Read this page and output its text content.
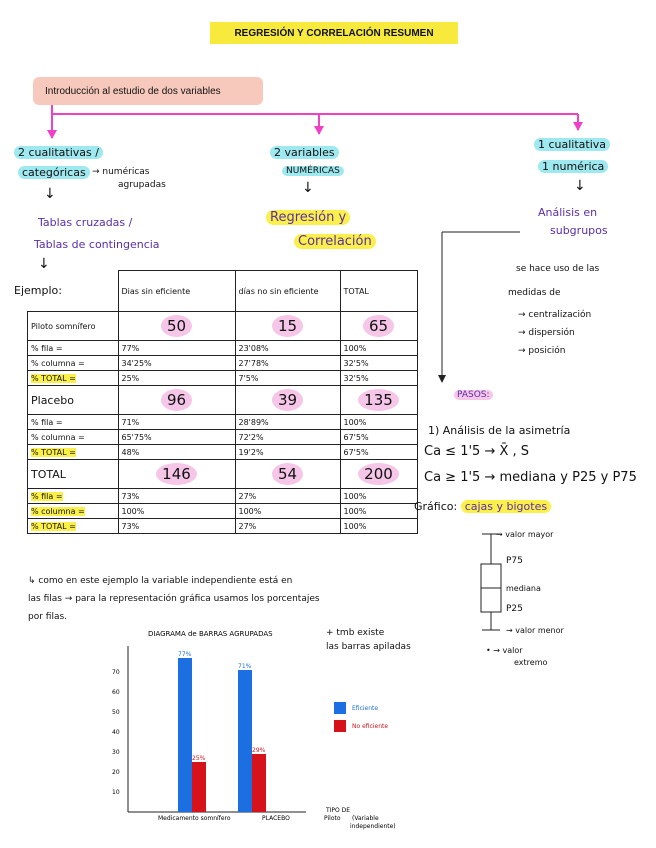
REGRESIÓN Y CORRELACIÓN RESUMEN
Introducción al estudio de dos variables
2 cualitativas /
categóricas → numéricas
agrupadas
↓
Tablas cruzadas /
Tablas de contingencia
↓
Ejemplo:
		Dias sin eficiente	días no sin eficiente	TOTAL
Piloto somnífero	50	15	65
% fila =	77%	23'08%	100%
% columna =	34'25%	27'78%	32'5%
% TOTAL =	25%	7'5%	32'5%
Placebo	96	39	135
% fila =	71%	28'89%	100%
% columna =	65'75%	72'2%	67'5%
% TOTAL =	48%	19'2%	67'5%
TOTAL	146	54	200
% fila =	73%	27%	100%
% columna =	100%	100%	100%
% TOTAL =	73%	27%	100%
↳ como en este ejemplo la variable independiente está en
las filas → para la representación gráfica usamos los porcentajes
por filas.
+ tmb existe
las barras apiladas
DIAGRAMA de BARRAS AGRUPADAS
70
60
50
40
30
20
10
77%
25%
71%
29%
Medicamento somnífero	PLACEBO
TIPO DE
Piloto (Variable
independiente)
Eficiente
No eficiente
2 variables
NUMÉRICAS
↓
Regresión y
Correlación
1 cualitativa
1 numérica
↓
Análisis en
subgrupos
se hace uso de las
medidas de
→ centralización
→ dispersión
→ posición
PASOS:
1) Análisis de la asimetría
Ca ≤ 1'5 → X̄ , S
Ca ≥ 1'5 → mediana y P25 y P75
Gráfico: cajas y bigotes
→ valor mayor
P75
mediana
P25
→ valor menor
• → valor
extremo
